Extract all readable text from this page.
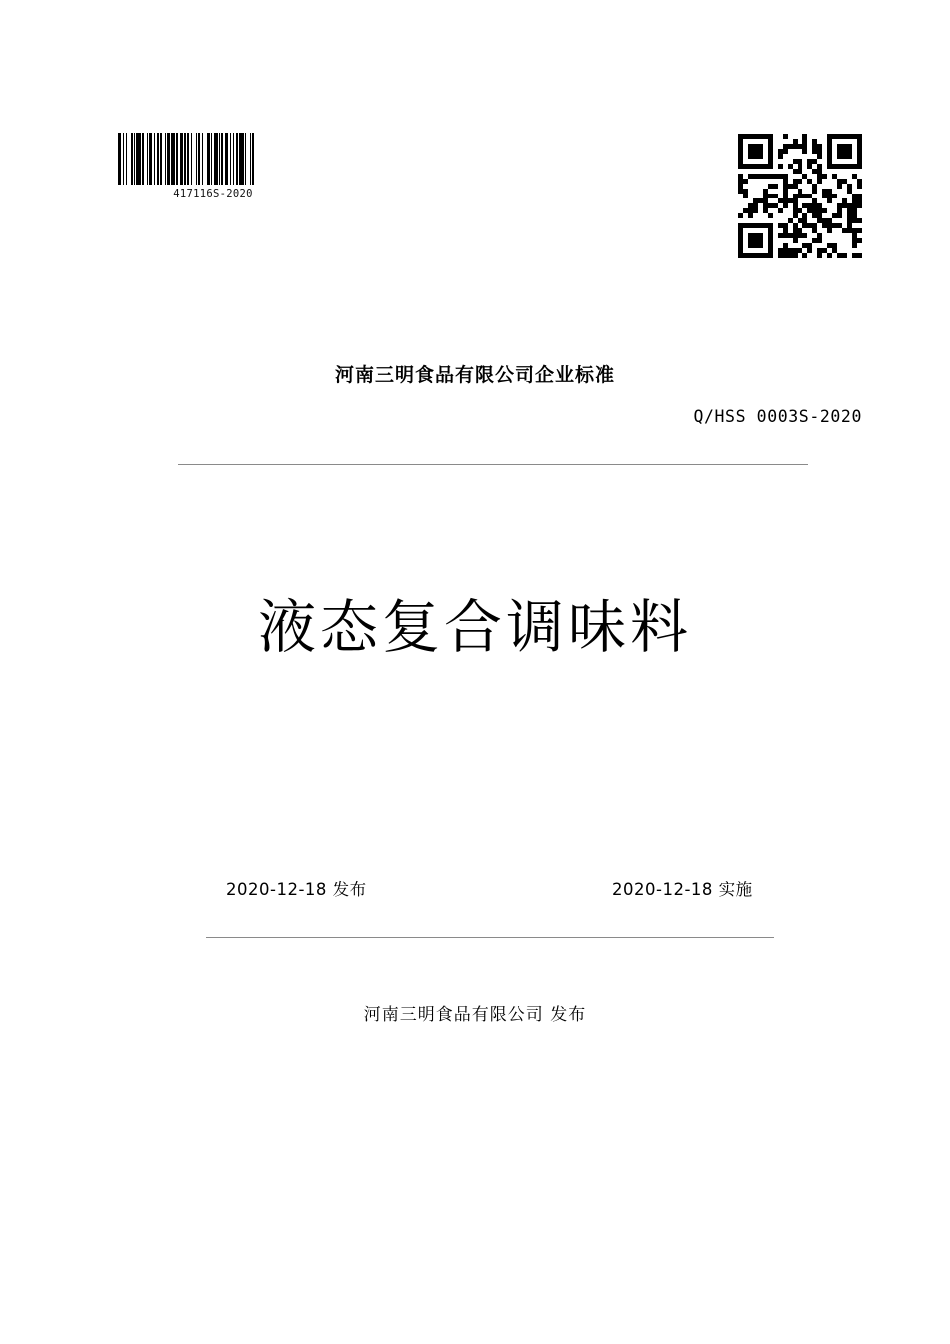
417116S-2020
河南三明食品有限公司企业标准
Q/HSS 0003S-2020
液态复合调味料
2020-12-18 发布	2020-12-18 实施
河南三明食品有限公司 发布
